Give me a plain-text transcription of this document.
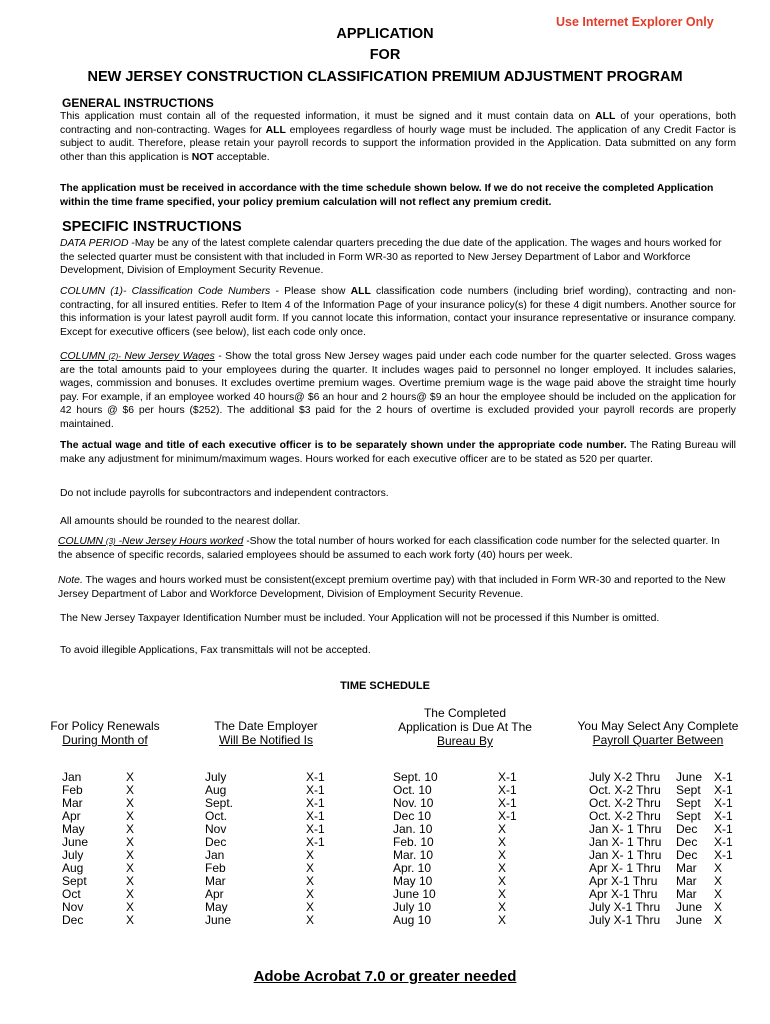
Use Internet Explorer Only
APPLICATION
FOR
NEW JERSEY CONSTRUCTION CLASSIFICATION PREMIUM ADJUSTMENT PROGRAM
GENERAL INSTRUCTIONS
This application must contain all of the requested information, it must be signed and it must contain data on ALL of your operations, both contracting and non-contracting. Wages for ALL employees regardless of hourly wage must be included. The application of any Credit Factor is subject to audit. Therefore, please retain your payroll records to support the information provided in the Application. Data submitted on any form other than this application is NOT acceptable.
The application must be received in accordance with the time schedule shown below. If we do not receive the completed Application within the time frame specified, your policy premium calculation will not reflect any premium credit.
SPECIFIC INSTRUCTIONS
DATA PERIOD -May be any of the latest complete calendar quarters preceding the due date of the application. The wages and hours worked for the selected quarter must be consistent with that included in Form WR-30 as reported to New Jersey Department of Labor and Workforce Development, Division of Employment Security Revenue.
COLUMN (1)- Classification Code Numbers - Please show ALL classification code numbers (including brief wording), contracting and non-contracting, for all insured entities. Refer to Item 4 of the Information Page of your insurance policy(s) for these 4 digit numbers. Another source for this information is your latest payroll audit form. If you cannot locate this information, contact your insurance representative or insurance company. Except for executive officers (see below), list each code only once.
COLUMN (2)- New Jersey Wages - Show the total gross New Jersey wages paid under each code number for the quarter selected. Gross wages are the total amounts paid to your employees during the quarter. It includes wages paid to personnel no longer employed. It includes salaries, wages, commission and bonuses. It excludes overtime premium wages. Overtime premium wage is the wage paid above the straight time hourly pay. For example, if an employee worked 40 hours@ $6 an hour and 2 hours@ $9 an hour the employee should be included on the application for 42 hours @ $6 per hours ($252). The additional $3 paid for the 2 hours of overtime is excluded provided your payroll records are properly maintained.
The actual wage and title of each executive officer is to be separately shown under the appropriate code number. The Rating Bureau will make any adjustment for minimum/maximum wages. Hours worked for each executive officer are to be stated as 520 per quarter.
Do not include payrolls for subcontractors and independent contractors.
All amounts should be rounded to the nearest dollar.
COLUMN (3) -New Jersey Hours worked -Show the total number of hours worked for each classification code number for the selected quarter. In the absence of specific records, salaried employees should be assumed to each work forty (40) hours per week.
Note. The wages and hours worked must be consistent(except premium overtime pay) with that included in Form WR-30 and reported to the New Jersey Department of Labor and Workforce Development, Division of Employment Security Revenue.
The New Jersey Taxpayer Identification Number must be included. Your Application will not be processed if this Number is omitted.
To avoid illegible Applications, Fax transmittals will not be accepted.
TIME SCHEDULE
For Policy Renewals
During Month of
The Date Employer
Will Be Notified Is
The Completed
Application is Due At The
Bureau By
You May Select Any Complete
Payroll Quarter Between
Jan
Feb
Mar
Apr
May
June
July
Aug
Sept
Oct
Nov
Dec
X
X
X
X
X
X
X
X
X
X
X
X
July
Aug
Sept.
Oct.
Nov
Dec
Jan
Feb
Mar
Apr
May
June
X-1
X-1
X-1
X-1
X-1
X-1
X
X
X
X
X
X
Sept. 10
Oct. 10
Nov. 10
Dec 10
Jan. 10
Feb. 10
Mar. 10
Apr. 10
May 10
June 10
July 10
Aug 10
X-1
X-1
X-1
X-1
X
X
X
X
X
X
X
X
July X-2 Thru
Oct. X-2 Thru
Oct. X-2 Thru
Oct. X-2 Thru
Jan X- 1 Thru
Jan X- 1 Thru
Jan X- 1 Thru
Apr X- 1 Thru
Apr X-1 Thru
Apr X-1 Thru
July X-1 Thru
July X-1 Thru
June
Sept
Sept
Sept
Dec
Dec
Dec
Mar
Mar
Mar
June
June
X-1
X-1
X-1
X-1
X-1
X-1
X-1
X
X
X
X
X
Adobe Acrobat 7.0 or greater needed
